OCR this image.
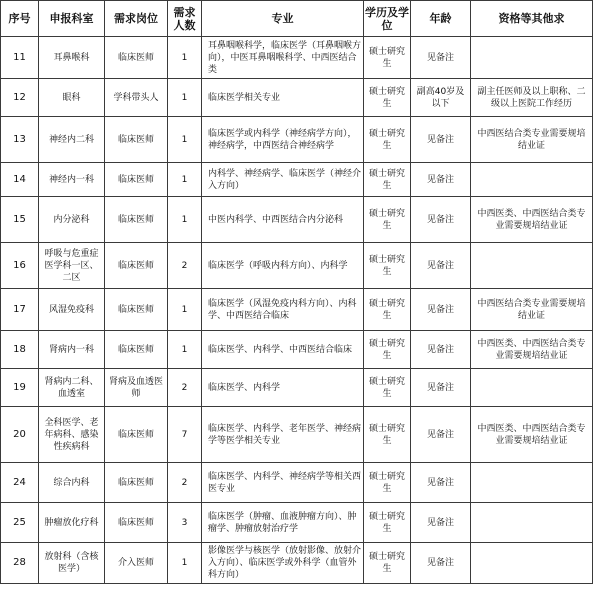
序号	申报科室	需求岗位	需求人数	专业	学历及学位	年龄	资格等其他求
11	耳鼻喉科	临床医师	1	耳鼻咽喉科学，临床医学（耳鼻咽喉方向），中医耳鼻咽喉科学、中西医结合类	硕士研究生	见备注	
12	眼科	学科带头人	1	临床医学相关专业	硕士研究生	副高40岁及以下	副主任医师及以上职称、二级以上医院工作经历
13	神经内二科	临床医师	1	临床医学或内科学（神经病学方向），神经病学，中西医结合神经病学	硕士研究生	见备注	中西医结合类专业需要规培结业证
14	神经内一科	临床医师	1	内科学、神经病学、临床医学（神经介入方向）	硕士研究生	见备注	
15	内分泌科	临床医师	1	中医内科学、中西医结合内分泌科	硕士研究生	见备注	中西医类、中西医结合类专业需要规培结业证
16	呼吸与危重症医学科一区、二区	临床医师	2	临床医学（呼吸内科方向）、内科学	硕士研究生	见备注	
17	风湿免疫科	临床医师	1	临床医学（风湿免疫内科方向）、内科学、中西医结合临床	硕士研究生	见备注	中西医结合类专业需要规培结业证
18	肾病内一科	临床医师	1	临床医学、内科学、中西医结合临床	硕士研究生	见备注	中西医类、中西医结合类专业需要规培结业证
19	肾病内二科、血透室	肾病及血透医师	2	临床医学、内科学	硕士研究生	见备注	
20	全科医学、老年病科、感染性疾病科	临床医师	7	临床医学、内科学、老年医学、神经病学等医学相关专业	硕士研究生	见备注	中西医类、中西医结合类专业需要规培结业证
24	综合内科	临床医师	2	临床医学、内科学、神经病学等相关西医专业	硕士研究生	见备注	
25	肿瘤放化疗科	临床医师	3	临床医学（肿瘤、血液肿瘤方向）、肿瘤学、肿瘤放射治疗学	硕士研究生	见备注	
28	放射科（含核医学）	介入医师	1	影像医学与核医学（放射影像、放射介入方向）、临床医学或外科学（血管外科方向）	硕士研究生	见备注	
